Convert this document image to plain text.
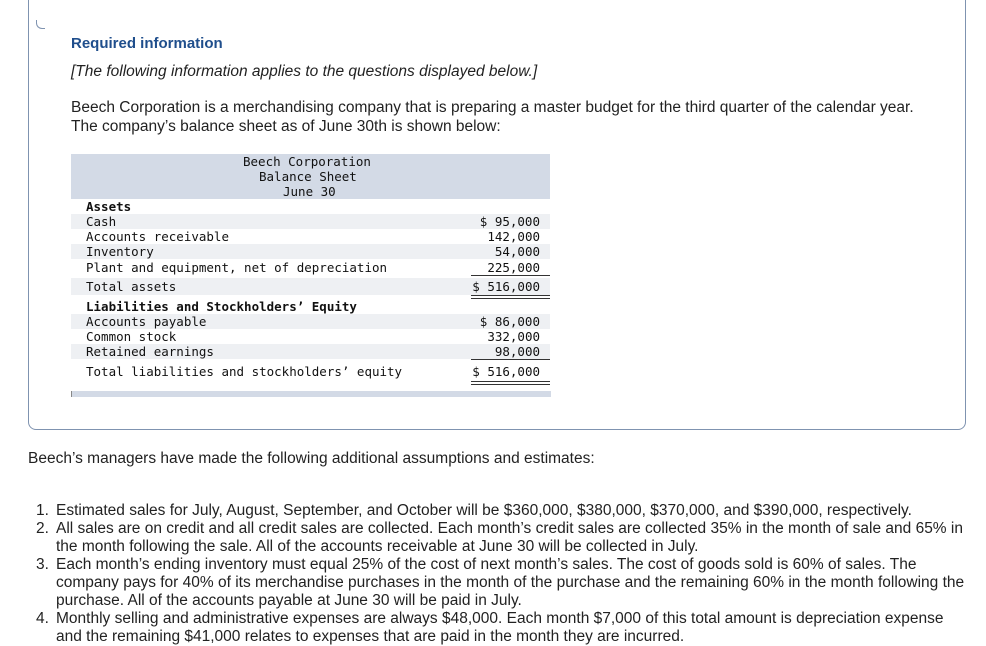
Required information
[The following information applies to the questions displayed below.]
Beech Corporation is a merchandising company that is preparing a master budget for the third quarter of the calendar year. The company’s balance sheet as of June 30th is shown below:
Beech Corporation
Balance Sheet
June 30
Assets
Cash	$ 95,000
Accounts receivable	142,000
Inventory	54,000
Plant and equipment, net of depreciation	225,000
Total assets	$ 516,000
Liabilities and Stockholders’ Equity
Accounts payable	$ 86,000
Common stock	332,000
Retained earnings	98,000
Total liabilities and stockholders’ equity	$ 516,000
Beech’s managers have made the following additional assumptions and estimates:
1. Estimated sales for July, August, September, and October will be $360,000, $380,000, $370,000, and $390,000, respectively.
2. All sales are on credit and all credit sales are collected. Each month’s credit sales are collected 35% in the month of sale and 65% in the month following the sale. All of the accounts receivable at June 30 will be collected in July.
3. Each month’s ending inventory must equal 25% of the cost of next month’s sales. The cost of goods sold is 60% of sales. The company pays for 40% of its merchandise purchases in the month of the purchase and the remaining 60% in the month following the purchase. All of the accounts payable at June 30 will be paid in July.
4. Monthly selling and administrative expenses are always $48,000. Each month $7,000 of this total amount is depreciation expense and the remaining $41,000 relates to expenses that are paid in the month they are incurred.
